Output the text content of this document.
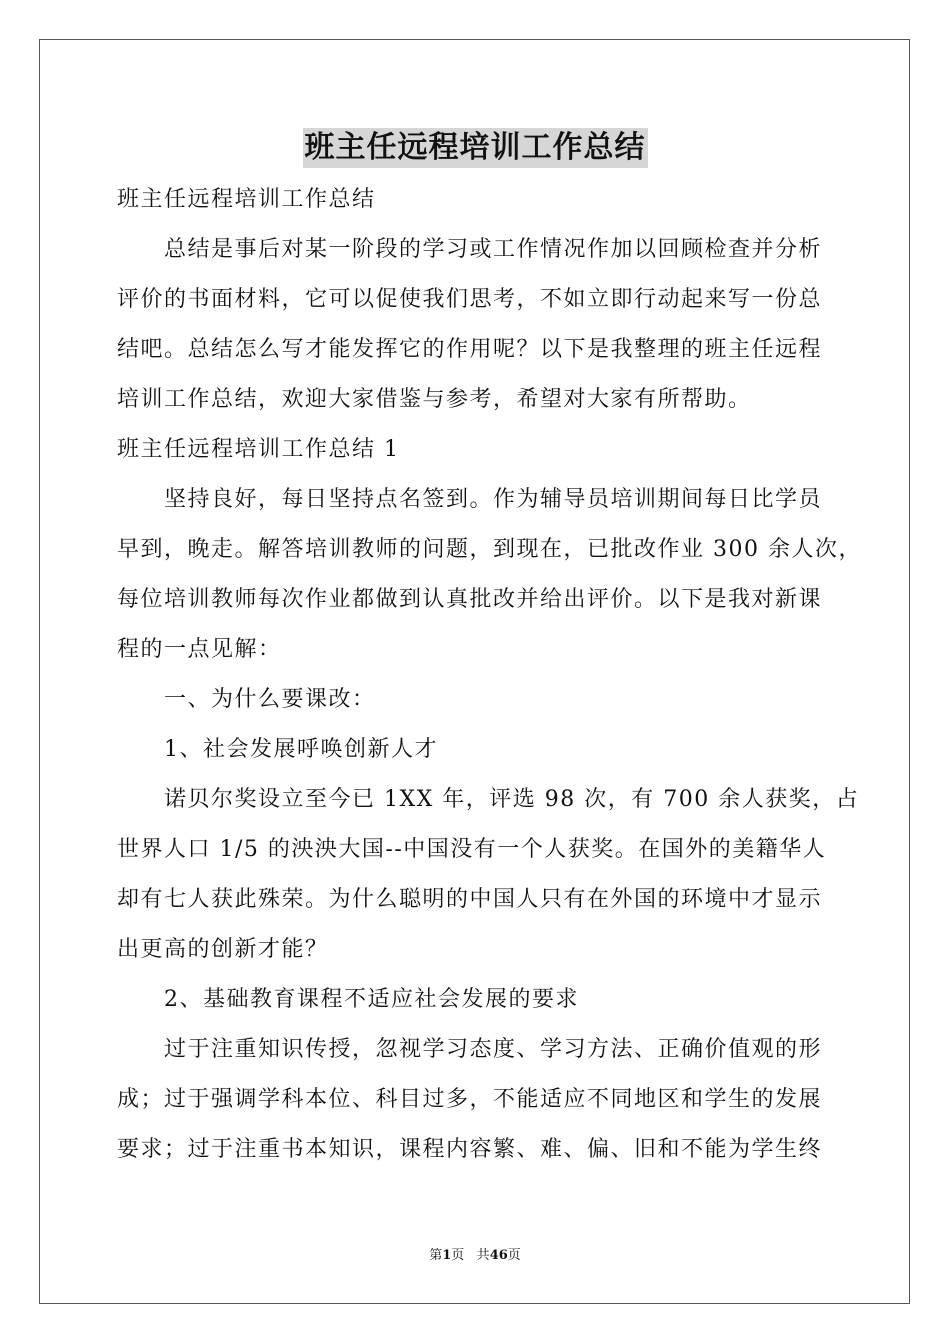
班主任远程培训工作总结
班主任远程培训工作总结
总结是事后对某一阶段的学习或工作情况作加以回顾检查并分析
评价的书面材料，它可以促使我们思考，不如立即行动起来写一份总
结吧。总结怎么写才能发挥它的作用呢？以下是我整理的班主任远程
培训工作总结，欢迎大家借鉴与参考，希望对大家有所帮助。
班主任远程培训工作总结 1
坚持良好，每日坚持点名签到。作为辅导员培训期间每日比学员
早到，晚走。解答培训教师的问题，到现在，已批改作业 300 余人次，
每位培训教师每次作业都做到认真批改并给出评价。以下是我对新课
程的一点见解：
一、为什么要课改：
1、社会发展呼唤创新人才
诺贝尔奖设立至今已 1XX 年，评选 98 次，有 700 余人获奖，占
世界人口 1/5 的泱泱大国--中国没有一个人获奖。在国外的美籍华人
却有七人获此殊荣。为什么聪明的中国人只有在外国的环境中才显示
出更高的创新才能？
2、基础教育课程不适应社会发展的要求
过于注重知识传授，忽视学习态度、学习方法、正确价值观的形
成；过于强调学科本位、科目过多，不能适应不同地区和学生的发展
要求；过于注重书本知识，课程内容繁、难、偏、旧和不能为学生终
第1页 共46页
